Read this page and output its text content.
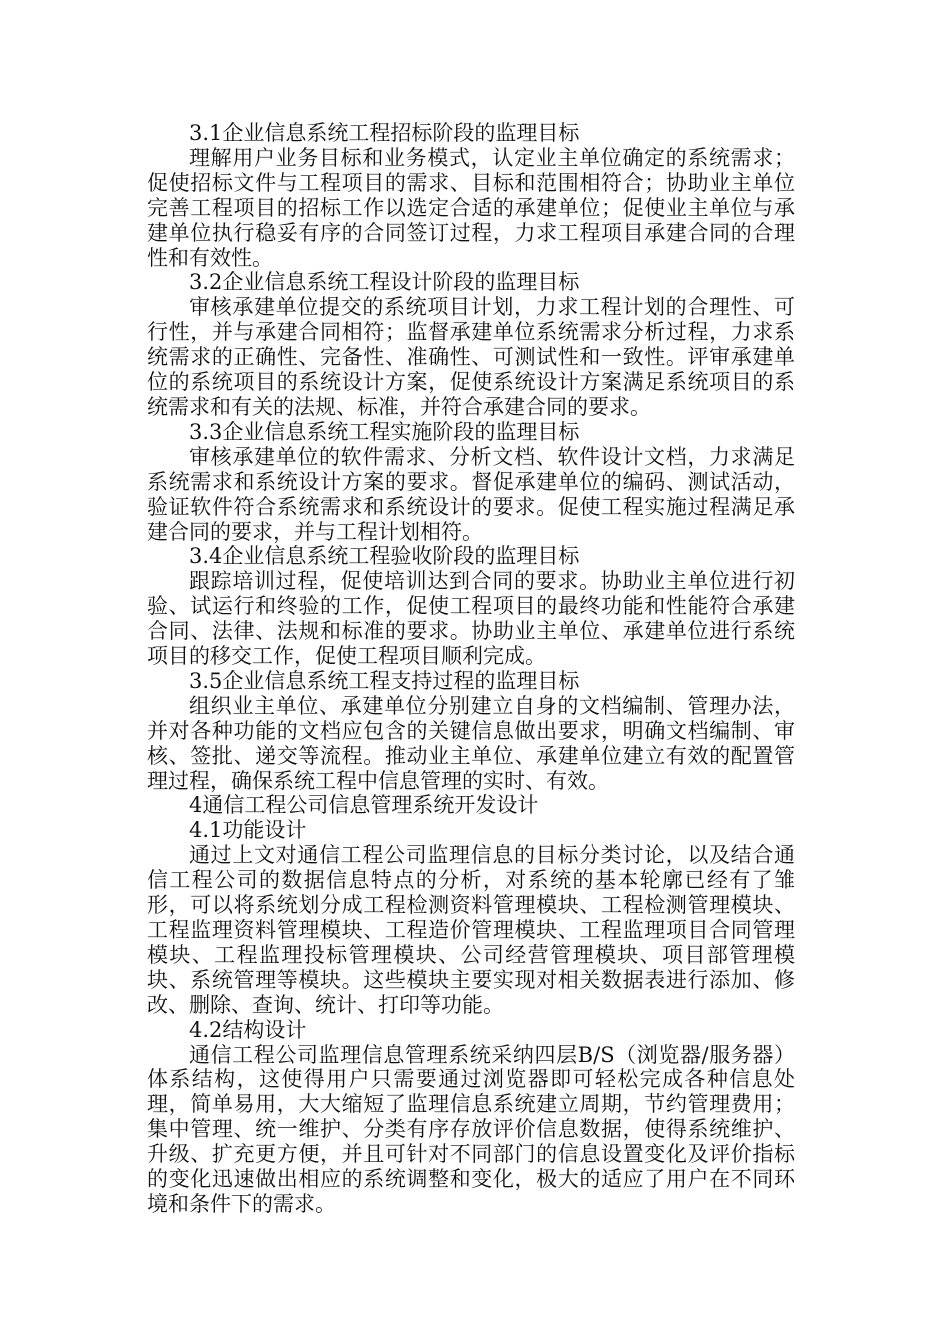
3.1企业信息系统工程招标阶段的监理目标

理解用户业务目标和业务模式，认定业主单位确定的系统需求；促使招标文件与工程项目的需求、目标和范围相符合；协助业主单位完善工程项目的招标工作以选定合适的承建单位；促使业主单位与承建单位执行稳妥有序的合同签订过程，力求工程项目承建合同的合理性和有效性。

3.2企业信息系统工程设计阶段的监理目标

审核承建单位提交的系统项目计划，力求工程计划的合理性、可行性，并与承建合同相符；监督承建单位系统需求分析过程，力求系统需求的正确性、完备性、准确性、可测试性和一致性。评审承建单位的系统项目的系统设计方案，促使系统设计方案满足系统项目的系统需求和有关的法规、标准，并符合承建合同的要求。

3.3企业信息系统工程实施阶段的监理目标

审核承建单位的软件需求、分析文档、软件设计文档，力求满足系统需求和系统设计方案的要求。督促承建单位的编码、测试活动，验证软件符合系统需求和系统设计的要求。促使工程实施过程满足承建合同的要求，并与工程计划相符。

3.4企业信息系统工程验收阶段的监理目标

跟踪培训过程，促使培训达到合同的要求。协助业主单位进行初验、试运行和终验的工作，促使工程项目的最终功能和性能符合承建合同、法律、法规和标准的要求。协助业主单位、承建单位进行系统项目的移交工作，促使工程项目顺利完成。

3.5企业信息系统工程支持过程的监理目标

组织业主单位、承建单位分别建立自身的文档编制、管理办法，并对各种功能的文档应包含的关键信息做出要求，明确文档编制、审核、签批、递交等流程。推动业主单位、承建单位建立有效的配置管理过程，确保系统工程中信息管理的实时、有效。

4通信工程公司信息管理系统开发设计

4.1功能设计

通过上文对通信工程公司监理信息的目标分类讨论，以及结合通信工程公司的数据信息特点的分析，对系统的基本轮廓已经有了雏形，可以将系统划分成工程检测资料管理模块、工程检测管理模块、工程监理资料管理模块、工程造价管理模块、工程监理项目合同管理模块、工程监理投标管理模块、公司经营管理模块、项目部管理模块、系统管理等模块。这些模块主要实现对相关数据表进行添加、修改、删除、查询、统计、打印等功能。

4.2结构设计

通信工程公司监理信息管理系统采纳四层B/S（浏览器/服务器）体系结构，这使得用户只需要通过浏览器即可轻松完成各种信息处理，简单易用，大大缩短了监理信息系统建立周期，节约管理费用；集中管理、统一维护、分类有序存放评价信息数据，使得系统维护、升级、扩充更方便，并且可针对不同部门的信息设置变化及评价指标的变化迅速做出相应的系统调整和变化，极大的适应了用户在不同环境和条件下的需求。
